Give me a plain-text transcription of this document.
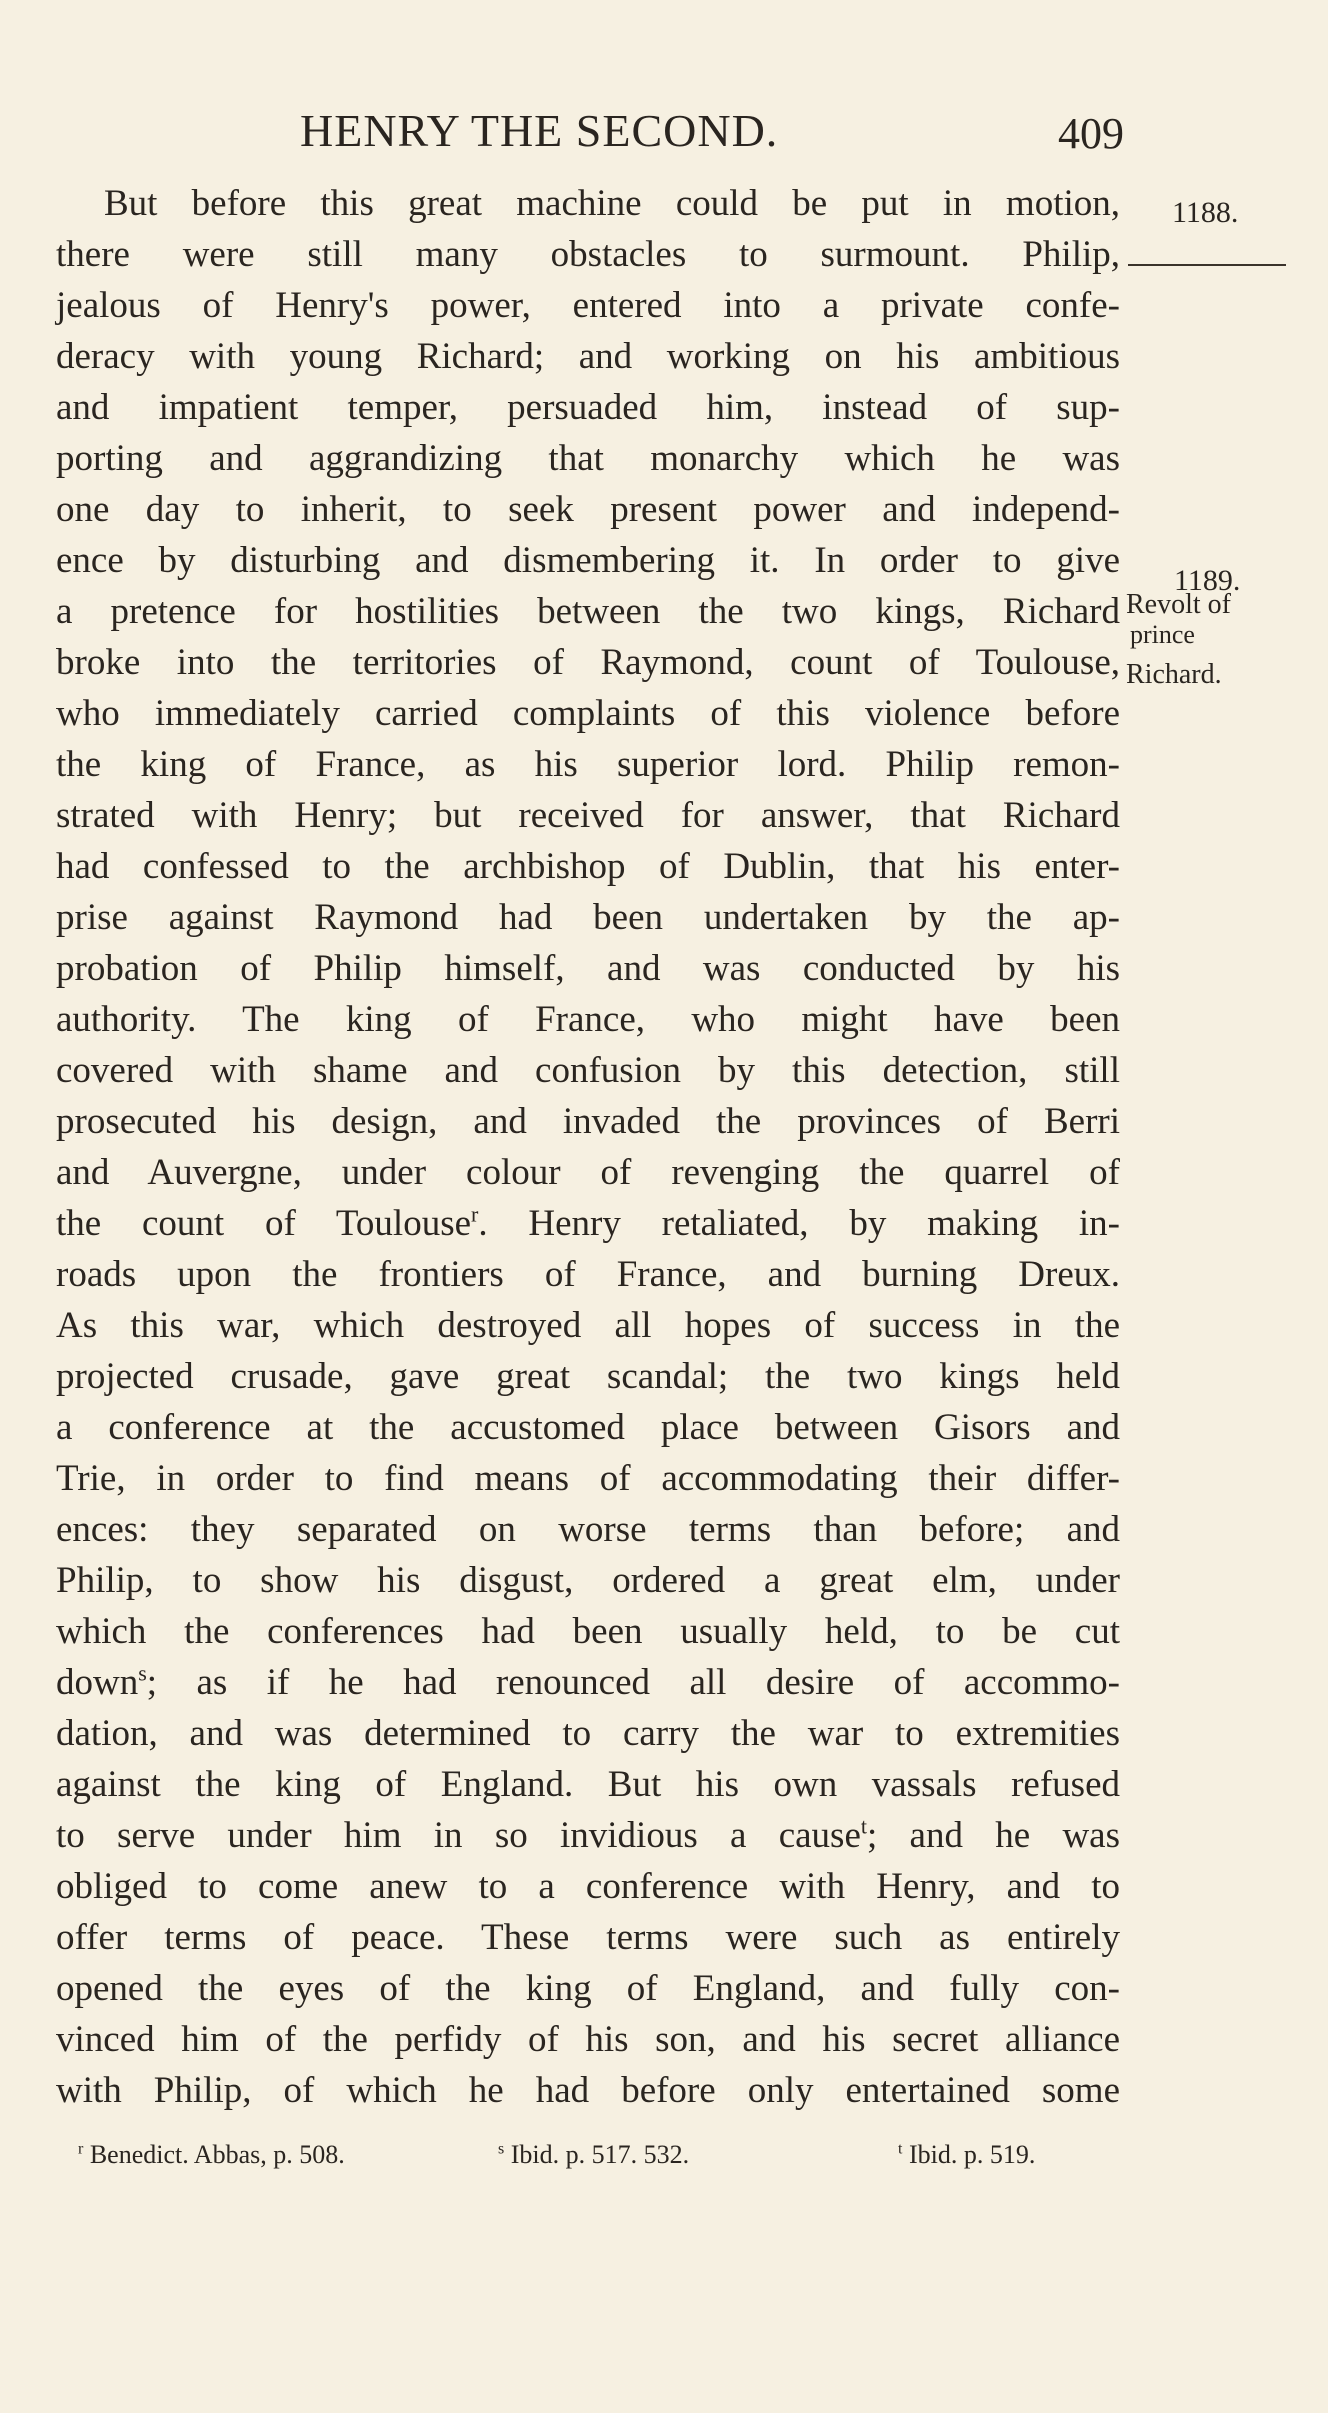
HENRY THE SECOND.	409
1188.
1189.
Revolt of
prince
Richard.
But before this great machine could be put in motion,
there were still many obstacles to surmount. Philip,
jealous of Henry's power, entered into a private confe-
deracy with young Richard; and working on his ambitious
and impatient temper, persuaded him, instead of sup-
porting and aggrandizing that monarchy which he was
one day to inherit, to seek present power and independ-
ence by disturbing and dismembering it. In order to give
a pretence for hostilities between the two kings, Richard
broke into the territories of Raymond, count of Toulouse,
who immediately carried complaints of this violence before
the king of France, as his superior lord. Philip remon-
strated with Henry; but received for answer, that Richard
had confessed to the archbishop of Dublin, that his enter-
prise against Raymond had been undertaken by the ap-
probation of Philip himself, and was conducted by his
authority. The king of France, who might have been
covered with shame and confusion by this detection, still
prosecuted his design, and invaded the provinces of Berri
and Auvergne, under colour of revenging the quarrel of
the count of Toulouse$^r$. Henry retaliated, by making in-
roads upon the frontiers of France, and burning Dreux.
As this war, which destroyed all hopes of success in the
projected crusade, gave great scandal; the two kings held
a conference at the accustomed place between Gisors and
Trie, in order to find means of accommodating their differ-
ences: they separated on worse terms than before; and
Philip, to show his disgust, ordered a great elm, under
which the conferences had been usually held, to be cut
down$^s$; as if he had renounced all desire of accommo-
dation, and was determined to carry the war to extremities
against the king of England. But his own vassals refused
to serve under him in so invidious a cause$^t$; and he was
obliged to come anew to a conference with Henry, and to
offer terms of peace. These terms were such as entirely
opened the eyes of the king of England, and fully con-
vinced him of the perfidy of his son, and his secret alliance
with Philip, of which he had before only entertained some
$^r$ Benedict. Abbas, p. 508.	$^s$ Ibid. p. 517. 532.	$^t$ Ibid. p. 519.
